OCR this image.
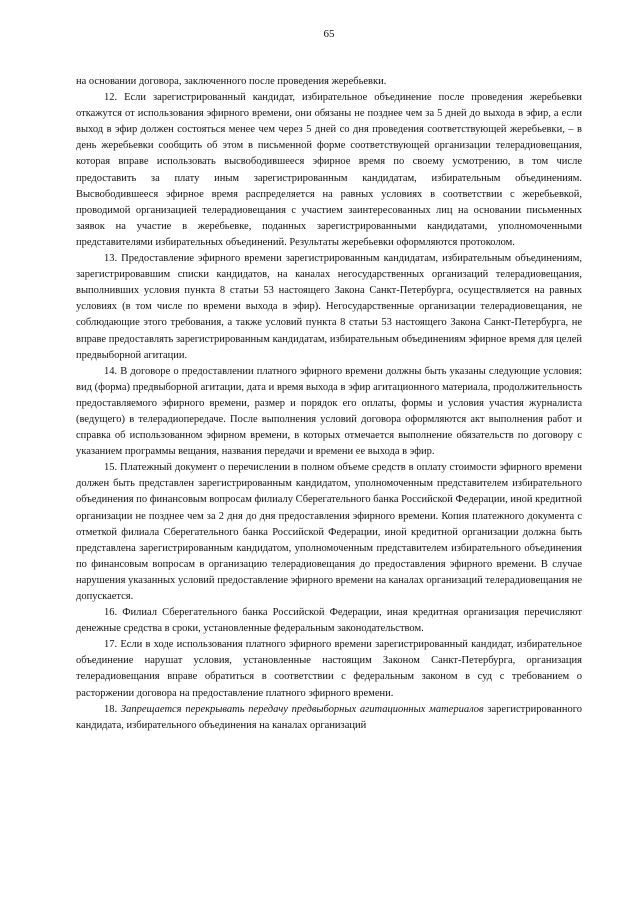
65

на основании договора, заключенного после проведения жеребьевки.

12. Если зарегистрированный кандидат, избирательное объединение после проведения жеребьевки откажутся от использования эфирного времени, они обязаны не позднее чем за 5 дней до выхода в эфир, а если выход в эфир должен состояться менее чем через 5 дней со дня проведения соответствующей жеребьевки, – в день жеребьевки сообщить об этом в письменной форме соответствующей организации телерадиовещания, которая вправе использовать высвободившееся эфирное время по своему усмотрению, в том числе предоставить за плату иным зарегистрированным кандидатам, избирательным объединениям. Высвободившееся эфирное время распределяется на равных условиях в соответствии с жеребьевкой, проводимой организацией телерадиовещания с участием заинтересованных лиц на основании письменных заявок на участие в жеребьевке, поданных зарегистрированными кандидатами, уполномоченными представителями избирательных объединений. Результаты жеребьевки оформляются протоколом.

13. Предоставление эфирного времени зарегистрированным кандидатам, избирательным объединениям, зарегистрировавшим списки кандидатов, на каналах негосударственных организаций телерадиовещания, выполнивших условия пункта 8 статьи 53 настоящего Закона Санкт-Петербурга, осуществляется на равных условиях (в том числе по времени выхода в эфир). Негосударственные организации телерадиовещания, не соблюдающие этого требования, а также условий пункта 8 статьи 53 настоящего Закона Санкт-Петербурга, не вправе предоставлять зарегистрированным кандидатам, избирательным объединениям эфирное время для целей предвыборной агитации.

14. В договоре о предоставлении платного эфирного времени должны быть указаны следующие условия: вид (форма) предвыборной агитации, дата и время выхода в эфир агитационного материала, продолжительность предоставляемого эфирного времени, размер и порядок его оплаты, формы и условия участия журналиста (ведущего) в телерадиопередаче. После выполнения условий договора оформляются акт выполнения работ и справка об использованном эфирном времени, в которых отмечается выполнение обязательств по договору с указанием программы вещания, названия передачи и времени ее выхода в эфир.

15. Платежный документ о перечислении в полном объеме средств в оплату стоимости эфирного времени должен быть представлен зарегистрированным кандидатом, уполномоченным представителем избирательного объединения по финансовым вопросам филиалу Сберегательного банка Российской Федерации, иной кредитной организации не позднее чем за 2 дня до дня предоставления эфирного времени. Копия платежного документа с отметкой филиала Сберегательного банка Российской Федерации, иной кредитной организации должна быть представлена зарегистрированным кандидатом, уполномоченным представителем избирательного объединения по финансовым вопросам в организацию телерадиовещания до предоставления эфирного времени. В случае нарушения указанных условий предоставление эфирного времени на каналах организаций телерадиовещания не допускается.

16. Филиал Сберегательного банка Российской Федерации, иная кредитная организация перечисляют денежные средства в сроки, установленные федеральным законодательством.

17. Если в ходе использования платного эфирного времени зарегистрированный кандидат, избирательное объединение нарушат условия, установленные настоящим Законом Санкт-Петербурга, организация телерадиовещания вправе обратиться в соответствии с федеральным законом в суд с требованием о расторжении договора на предоставление платного эфирного времени.

18. Запрещается перекрывать передачу предвыборных агитационных материалов зарегистрированного кандидата, избирательного объединения на каналах организаций
